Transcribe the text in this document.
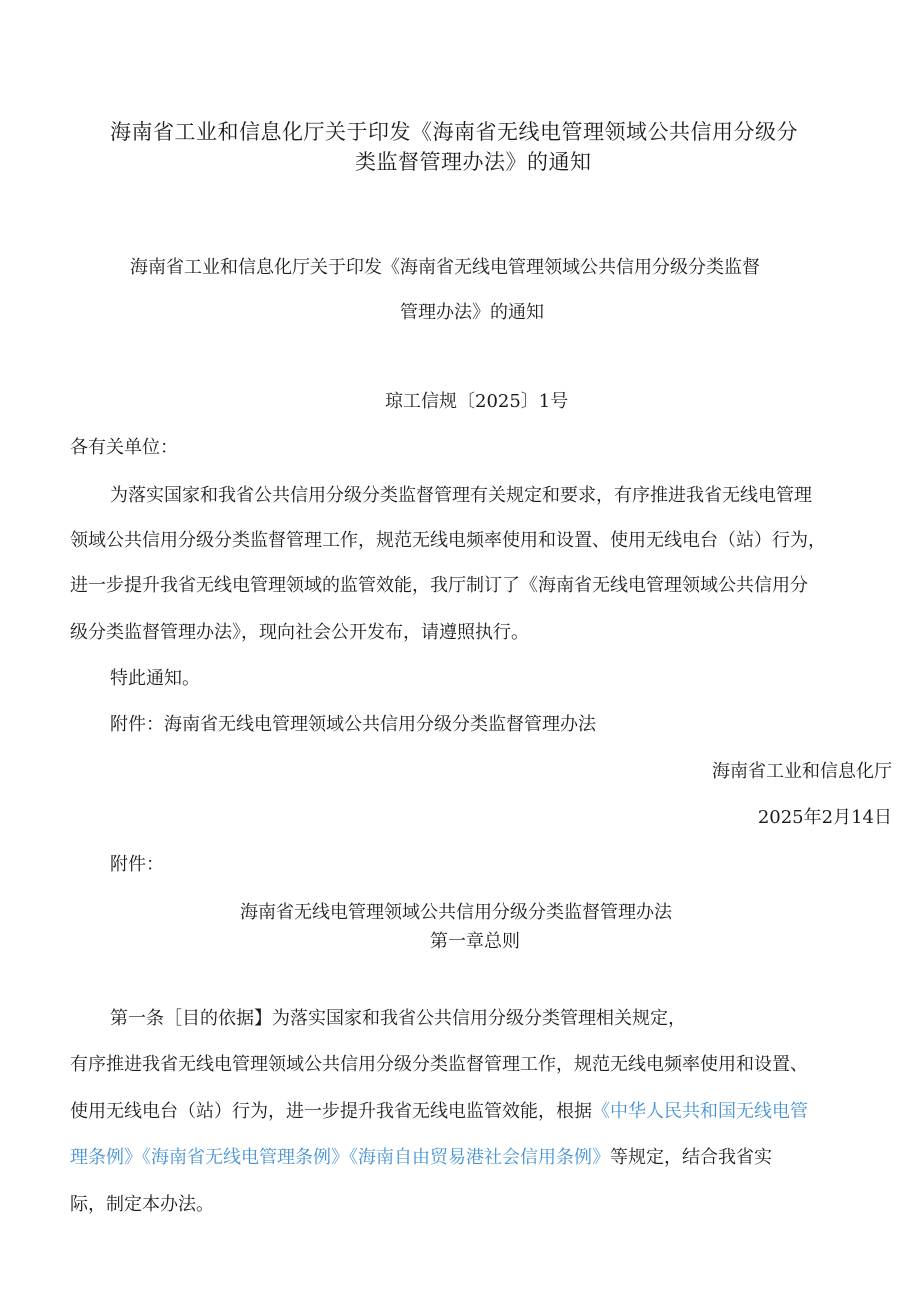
海南省工业和信息化厅关于印发《海南省无线电管理领域公共信用分级分
类监督管理办法》的通知
海南省工业和信息化厅关于印发《海南省无线电管理领域公共信用分级分类监督
管理办法》的通知
琼工信规〔2025〕1号
各有关单位：
为落实国家和我省公共信用分级分类监督管理有关规定和要求，有序推进我省无线电管理
领域公共信用分级分类监督管理工作，规范无线电频率使用和设置、使用无线电台（站）行为，
进一步提升我省无线电管理领域的监管效能，我厅制订了《海南省无线电管理领域公共信用分
级分类监督管理办法》，现向社会公开发布，请遵照执行。
特此通知。
附件：海南省无线电管理领域公共信用分级分类监督管理办法
海南省工业和信息化厅
2025年2月14日
附件：
海南省无线电管理领域公共信用分级分类监督管理办法
第一章总则
第一条［目的依据】为落实国家和我省公共信用分级分类管理相关规定，
有序推进我省无线电管理领域公共信用分级分类监督管理工作，规范无线电频率使用和设置、
使用无线电台（站）行为，进一步提升我省无线电监管效能，根据《中华人民共和国无线电管
理条例》《海南省无线电管理条例》《海南自由贸易港社会信用条例》等规定，结合我省实
际，制定本办法。
